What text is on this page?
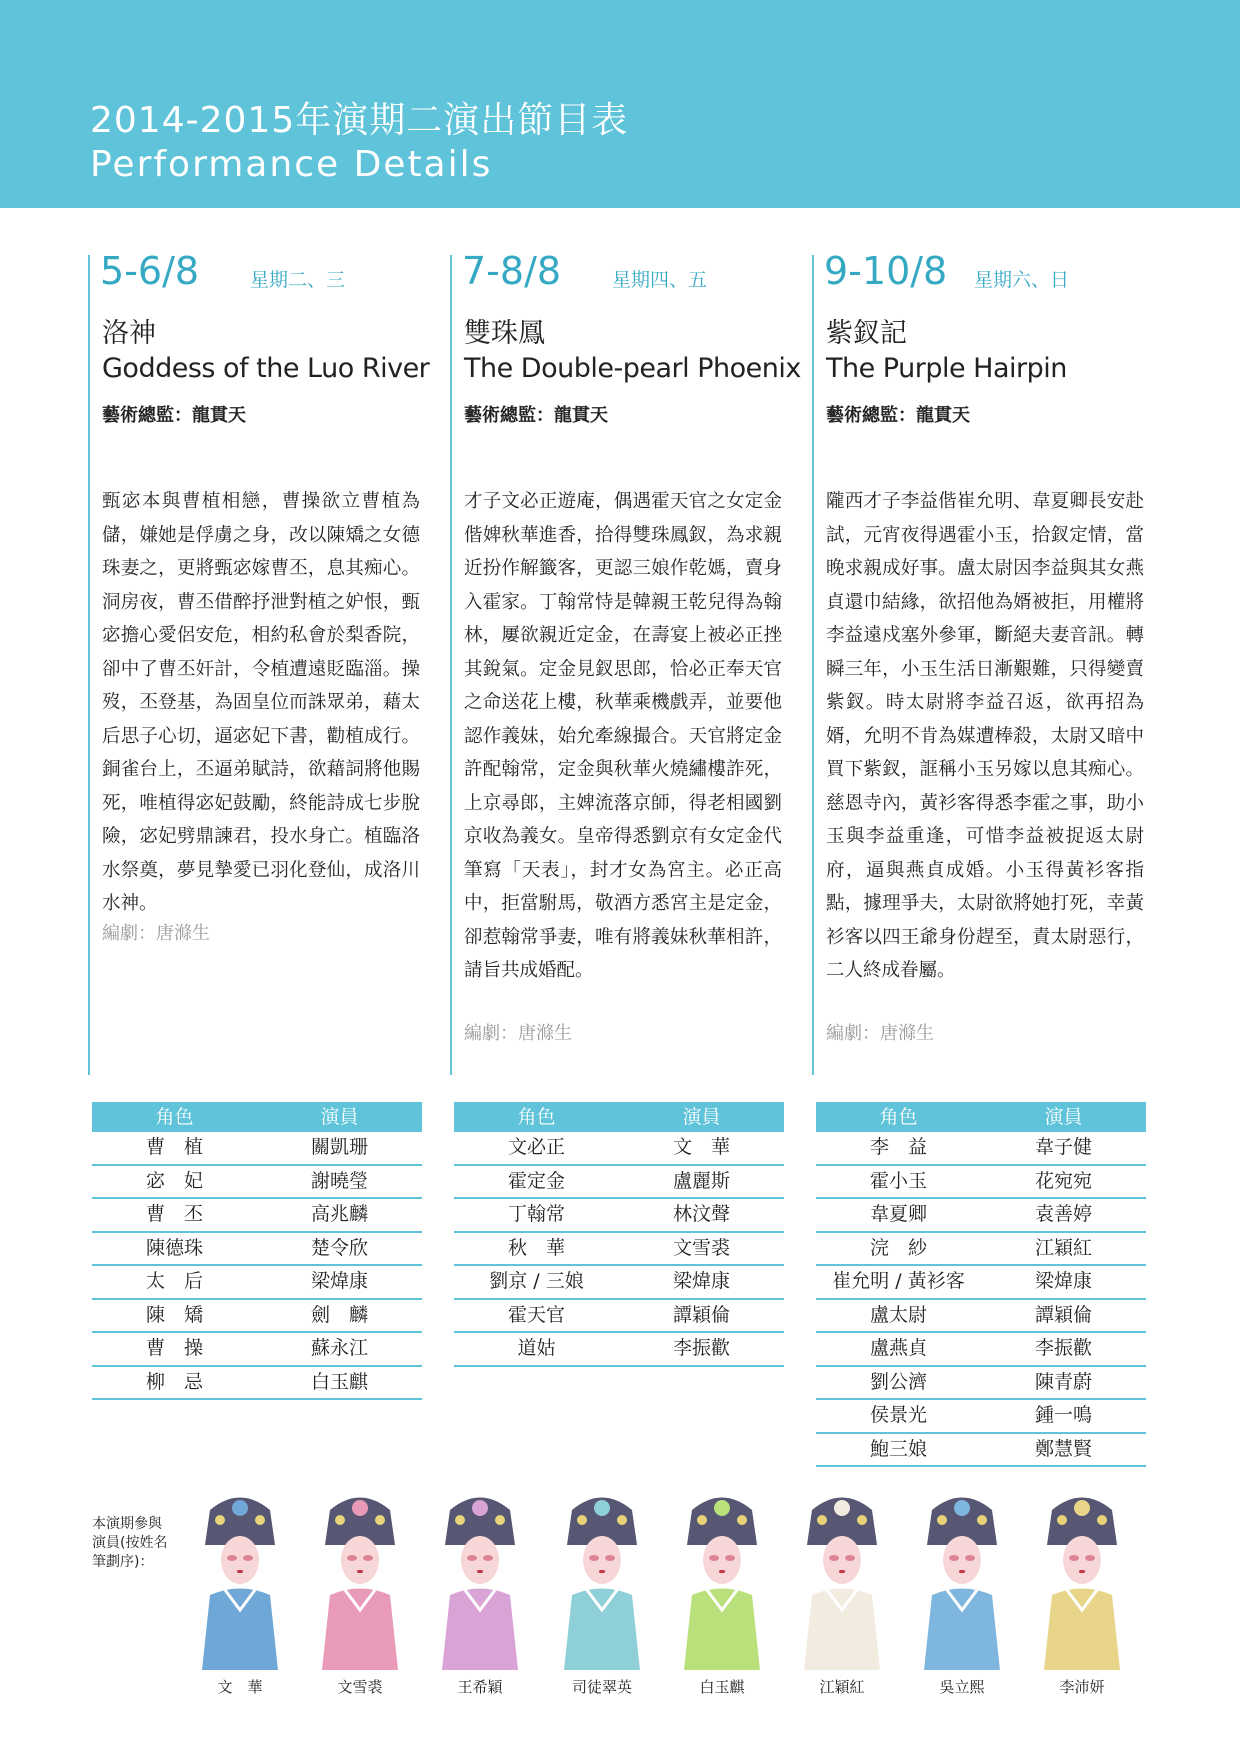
2014-2015年演期二演出節目表
Performance Details
5-6/8	星期二、三
洛神
Goddess of the Luo River
藝術總監：龍貫天
甄宓本與曹植相戀，曹操欲立曹植為儲，嫌她是俘虜之身，改以陳矯之女德珠妻之，更將甄宓嫁曹丕，息其痴心。洞房夜，曹丕借醉抒泄對植之妒恨，甄宓擔心愛侶安危，相約私會於梨香院，卻中了曹丕奸計，令植遭遠貶臨淄。操歿，丕登基，為固皇位而誅眾弟，藉太后思子心切，逼宓妃下書，勸植成行。銅雀台上，丕逼弟賦詩，欲藉詞將他賜死，唯植得宓妃鼓勵，終能詩成七步脫險，宓妃劈鼎諫君，投水身亡。植臨洛水祭奠，夢見摯愛已羽化登仙，成洛川水神。
編劇：唐滌生
7-8/8	星期四、五
雙珠鳳
The Double-pearl Phoenix
藝術總監：龍貫天
才子文必正遊庵，偶遇霍天官之女定金偕婢秋華進香，拾得雙珠鳳釵，為求親近扮作解籤客，更認三娘作乾媽，賣身入霍家。丁翰常恃是韓親王乾兒得為翰林，屢欲親近定金，在壽宴上被必正挫其銳氣。定金見釵思郎，恰必正奉天官之命送花上樓，秋華乘機戲弄，並要他認作義妹，始允牽線撮合。天官將定金許配翰常，定金與秋華火燒繡樓詐死，上京尋郎，主婢流落京師，得老相國劉京收為義女。皇帝得悉劉京有女定金代筆寫「天表」，封才女為宮主。必正高中，拒當駙馬，敬酒方悉宮主是定金，卻惹翰常爭妻，唯有將義妹秋華相許，請旨共成婚配。
編劇：唐滌生
9-10/8 星期六、日
紫釵記
The Purple Hairpin
藝術總監：龍貫天
隴西才子李益偕崔允明、韋夏卿長安赴試，元宵夜得遇霍小玉，拾釵定情，當晚求親成好事。盧太尉因李益與其女燕貞還巾結緣，欲招他為婿被拒，用權將李益遠戍塞外參軍，斷絕夫妻音訊。轉瞬三年，小玉生活日漸艱難，只得變賣紫釵。時太尉將李益召返，欲再招為婿，允明不肯為媒遭棒殺，太尉又暗中買下紫釵，誆稱小玉另嫁以息其痴心。慈恩寺內，黃衫客得悉李霍之事，助小玉與李益重逢，可惜李益被捉返太尉府，逼與燕貞成婚。小玉得黃衫客指點，據理爭夫，太尉欲將她打死，幸黃衫客以四王爺身份趕至，責太尉惡行，二人終成眷屬。
編劇：唐滌生
角色	演員
曹　植	關凱珊
宓　妃	謝曉瑩
曹　丕	高兆麟
陳德珠	楚令欣
太　后	梁煒康
陳　矯	劍　麟
曹　操	蘇永江
柳　忌	白玉麒
角色	演員
文必正	文　華
霍定金	盧麗斯
丁翰常	林汶聲
秋　華	文雪裘
劉京 / 三娘	梁煒康
霍天官	譚穎倫
道姑	李振歡
角色	演員
李　益	韋子健
霍小玉	花宛宛
韋夏卿	袁善婷
浣　紗	江穎紅
崔允明 / 黃衫客	梁煒康
盧太尉	譚穎倫
盧燕貞	李振歡
劉公濟	陳青蔚
侯景光	鍾一鳴
鮑三娘	鄭慧賢
本演期參與演員(按姓名筆劃序)：
文　華	文雪裘	王希穎	司徒翠英	白玉麒	江穎紅	吳立熙	李沛妍
